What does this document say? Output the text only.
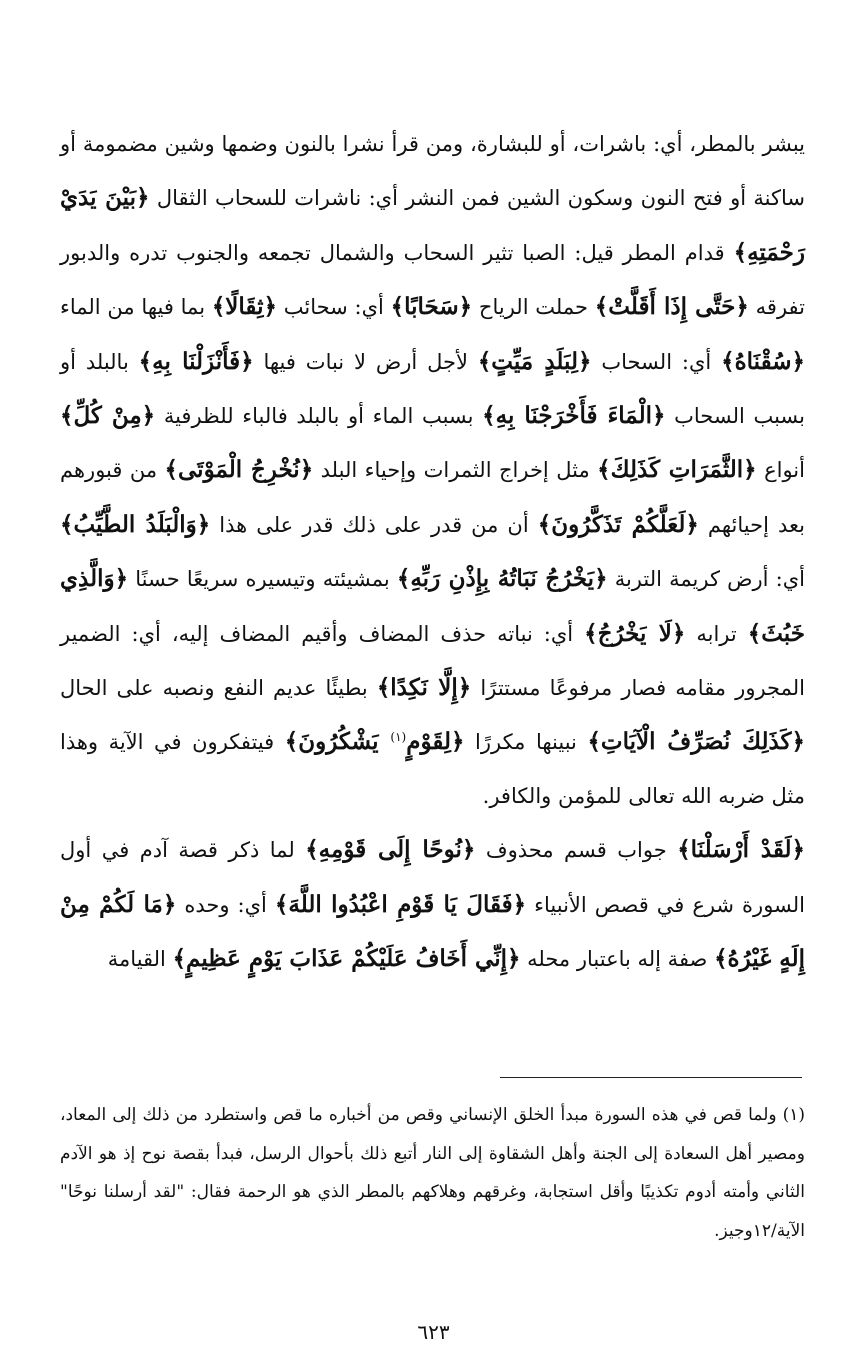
يبشر بالمطر، أي: باشرات، أو للبشارة، ومن قرأ نشرا بالنون وضمها وشين مضمومة أو ساكنة أو فتح النون وسكون الشين فمن النشر أي: ناشرات للسحاب الثقال ﴿بَيْنَ يَدَيْ رَحْمَتِهِ﴾ قدام المطر قيل: الصبا تثير السحاب والشمال تجمعه والجنوب تدره والدبور تفرقه ﴿حَتَّى إِذَا أَقَلَّتْ﴾ حملت الرياح ﴿سَحَابًا﴾ أي: سحائب ﴿ثِقَالًا﴾ بما فيها من الماء ﴿سُقْنَاهُ﴾ أي: السحاب ﴿لِبَلَدٍ مَيِّتٍ﴾ لأجل أرض لا نبات فيها ﴿فَأَنْزَلْنَا بِهِ﴾ بالبلد أو بسبب السحاب ﴿الْمَاءَ فَأَخْرَجْنَا بِهِ﴾ بسبب الماء أو بالبلد فالباء للظرفية ﴿مِنْ كُلِّ﴾ أنواع ﴿الثَّمَرَاتِ كَذَلِكَ﴾ مثل إخراج الثمرات وإحياء البلد ﴿نُخْرِجُ الْمَوْتَى﴾ من قبورهم بعد إحيائهم ﴿لَعَلَّكُمْ تَذَكَّرُونَ﴾ أن من قدر على ذلك قدر على هذا ﴿وَالْبَلَدُ الطَّيِّبُ﴾ أي: أرض كريمة التربة ﴿يَخْرُجُ نَبَاتُهُ بِإِذْنِ رَبِّهِ﴾ بمشيئته وتيسيره سريعًا حسنًا ﴿وَالَّذِي خَبُثَ﴾ ترابه ﴿لَا يَخْرُجُ﴾ أي: نباته حذف المضاف وأقيم المضاف إليه، أي: الضمير المجرور مقامه فصار مرفوعًا مستترًا ﴿إِلَّا نَكِدًا﴾ بطيئًا عديم النفع ونصبه على الحال ﴿كَذَلِكَ نُصَرِّفُ الْآيَاتِ﴾ نبينها مكررًا ﴿لِقَوْمٍ$^{(١)}$ يَشْكُرُونَ﴾ فيتفكرون في الآية وهذا مثل ضربه الله تعالى للمؤمن والكافر.

﴿لَقَدْ أَرْسَلْنَا﴾ جواب قسم محذوف ﴿نُوحًا إِلَى قَوْمِهِ﴾ لما ذكر قصة آدم في أول السورة شرع في قصص الأنبياء ﴿فَقَالَ يَا قَوْمِ اعْبُدُوا اللَّهَ﴾ أي: وحده ﴿مَا لَكُمْ مِنْ إِلَهٍ غَيْرُهُ﴾ صفة إله باعتبار محله ﴿إِنِّي أَخَافُ عَلَيْكُمْ عَذَابَ يَوْمٍ عَظِيمٍ﴾ القيامة

(١)ولما قص في هذه السورة مبدأ الخلق الإنساني وقص من أخباره ما قص واستطرد من ذلك إلى المعاد، ومصير أهل السعادة إلى الجنة وأهل الشقاوة إلى النار أتبع ذلك بأحوال الرسل، فبدأ بقصة نوح إذ هو الآدم الثاني وأمته أدوم تكذيبًا وأقل استجابة، وغرقهم وهلاكهم بالمطر الذي هو الرحمة فقال: "لقد أرسلنا نوحًا" الآية/١٢وجيز.

٦٢٣
